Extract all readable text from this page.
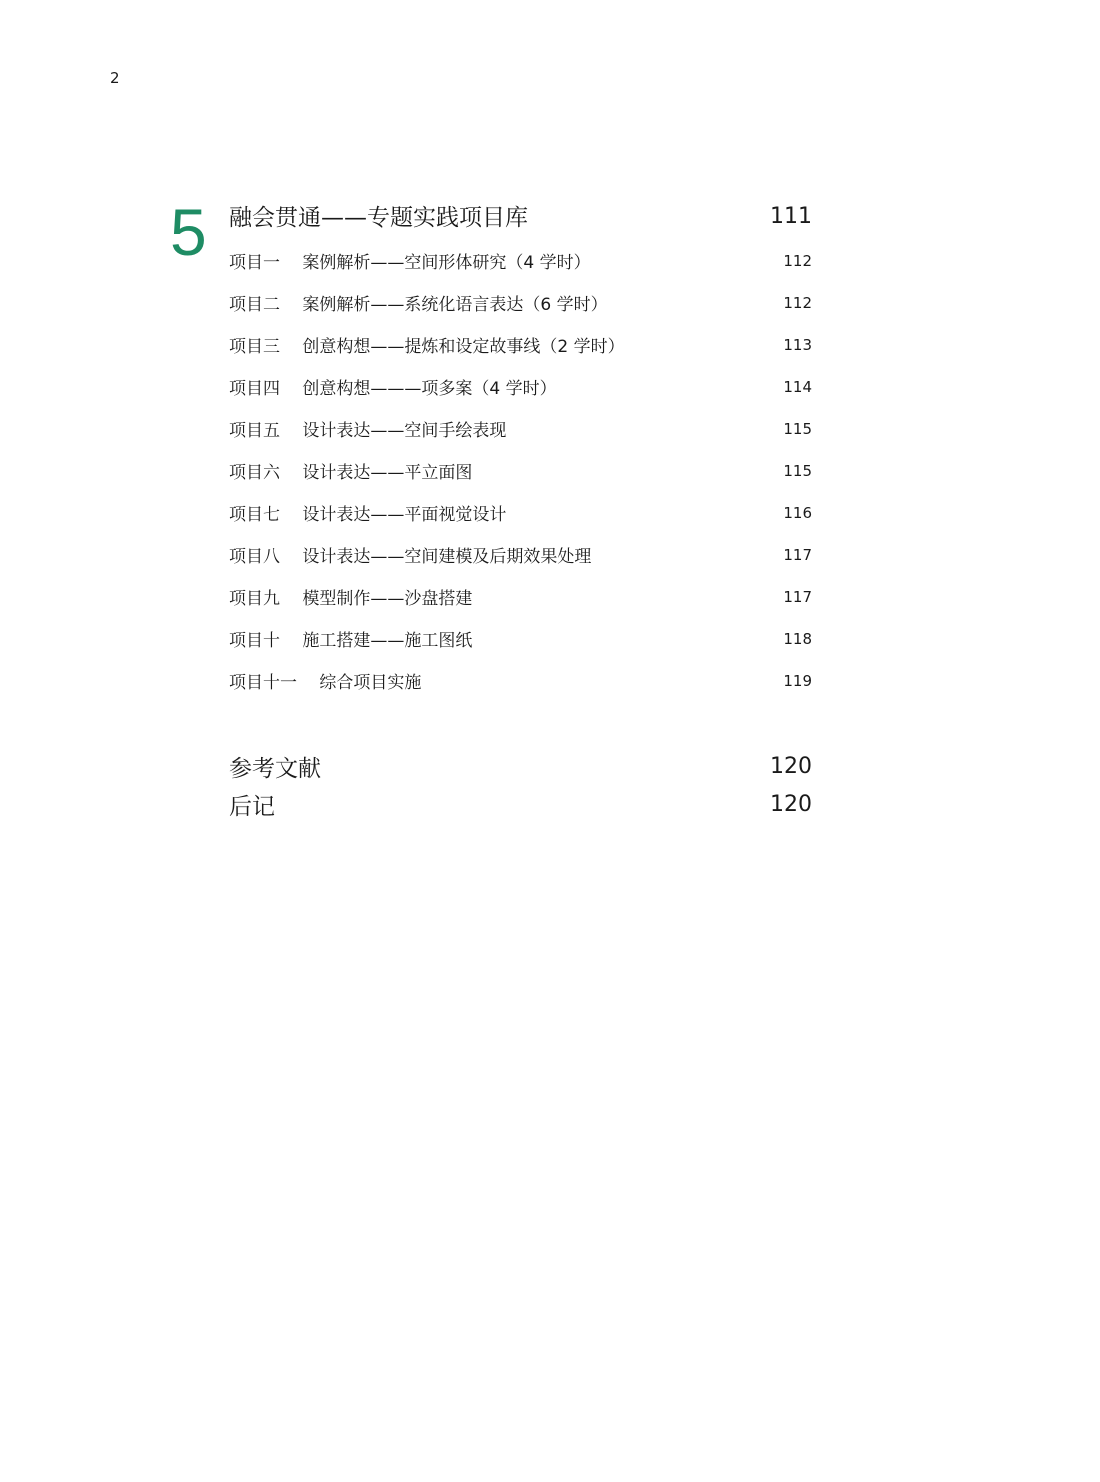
2
5 融会贯通——专题实践项目库	111
项目一　 案例解析——空间形体研究（4 学时）	112
项目二　 案例解析——系统化语言表达（6 学时）	112
项目三　 创意构想——提炼和设定故事线（2 学时）	113
项目四　 创意构想———项多案（4 学时）	114
项目五　 设计表达——空间手绘表现	115
项目六　 设计表达——平立面图	115
项目七　 设计表达——平面视觉设计	116
项目八　 设计表达——空间建模及后期效果处理	117
项目九　 模型制作——沙盘搭建	117
项目十　 施工搭建——施工图纸	118
项目十一　 综合项目实施	119
参考文献	120
后记	120
